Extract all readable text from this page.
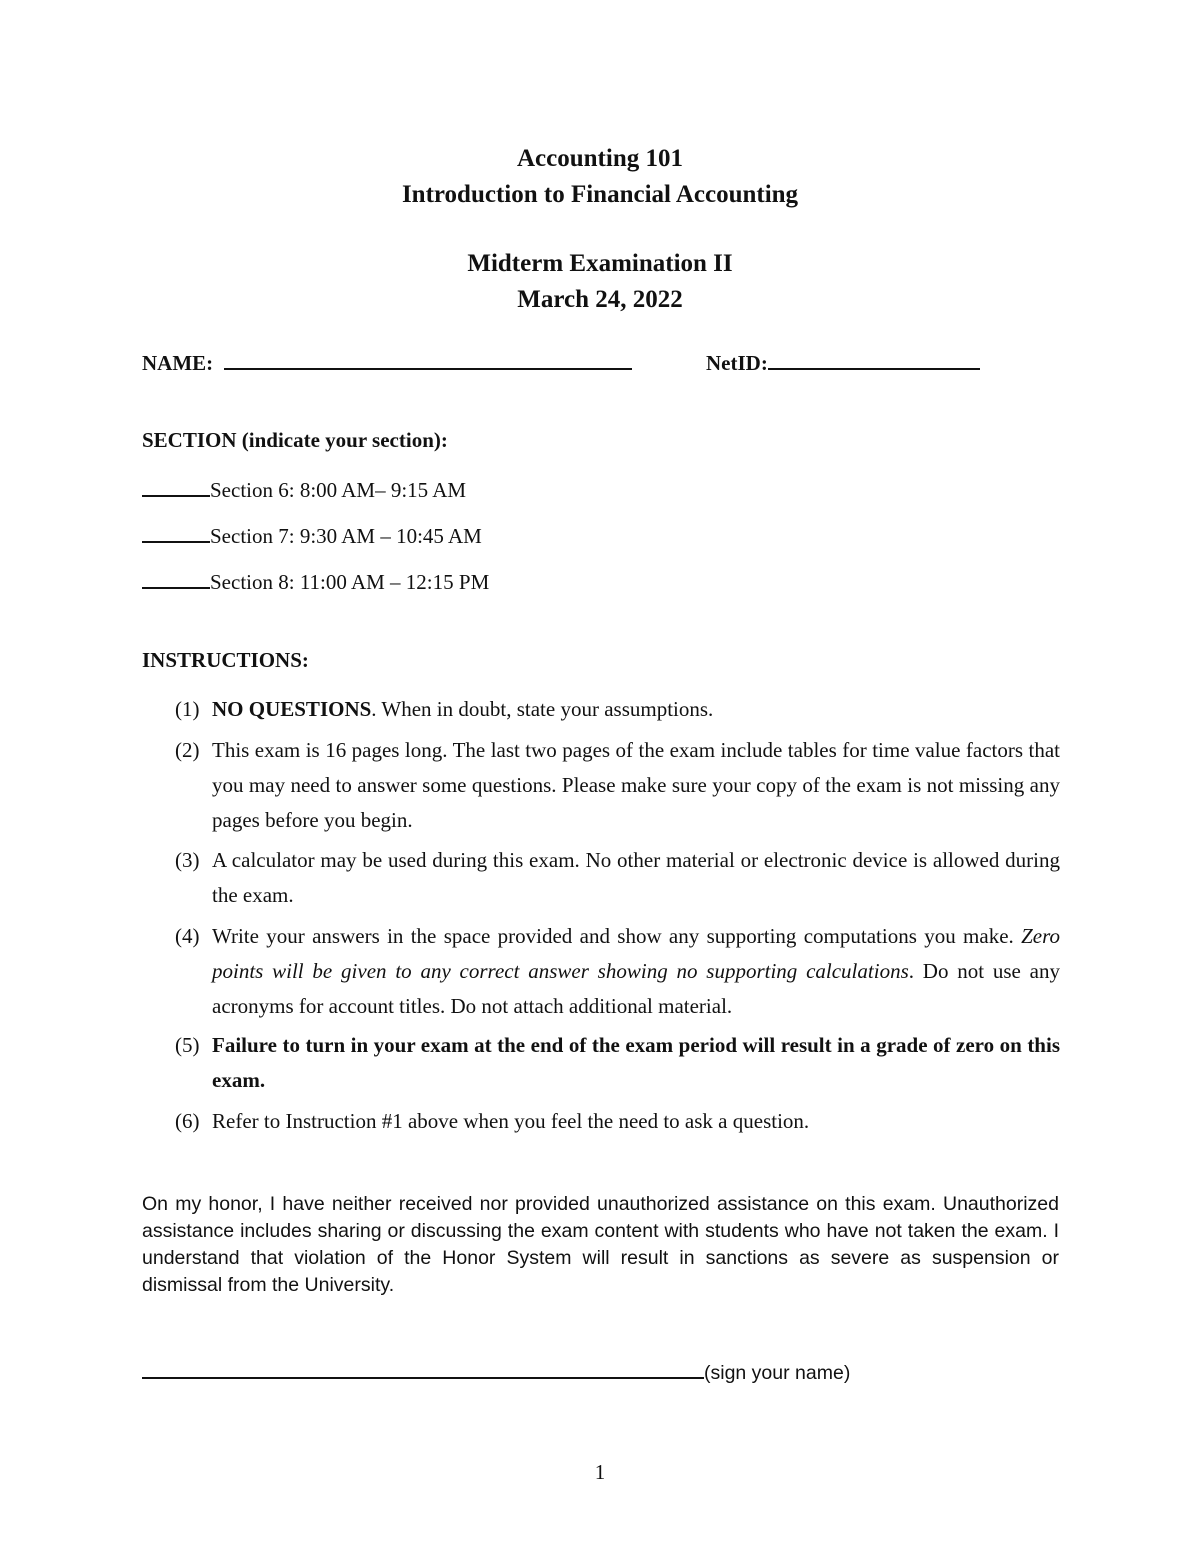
Accounting 101
Introduction to Financial Accounting
Midterm Examination II
March 24, 2022
NAME:	NetID:
SECTION (indicate your section):
Section 6: 8:00 AM– 9:15 AM
Section 7: 9:30 AM – 10:45 AM
Section 8: 11:00 AM – 12:15 PM
INSTRUCTIONS:
(1) NO QUESTIONS. When in doubt, state your assumptions.
(2) This exam is 16 pages long. The last two pages of the exam include tables for time value factors that you may need to answer some questions. Please make sure your copy of the exam is not missing any pages before you begin.
(3) A calculator may be used during this exam. No other material or electronic device is allowed during the exam.
(4) Write your answers in the space provided and show any supporting computations you make. Zero points will be given to any correct answer showing no supporting calculations. Do not use any acronyms for account titles. Do not attach additional material.
(5) Failure to turn in your exam at the end of the exam period will result in a grade of zero on this exam.
(6) Refer to Instruction #1 above when you feel the need to ask a question.
On my honor, I have neither received nor provided unauthorized assistance on this exam. Unauthorized assistance includes sharing or discussing the exam content with students who have not taken the exam. I understand that violation of the Honor System will result in sanctions as severe as suspension or dismissal from the University.
(sign your name)
1
